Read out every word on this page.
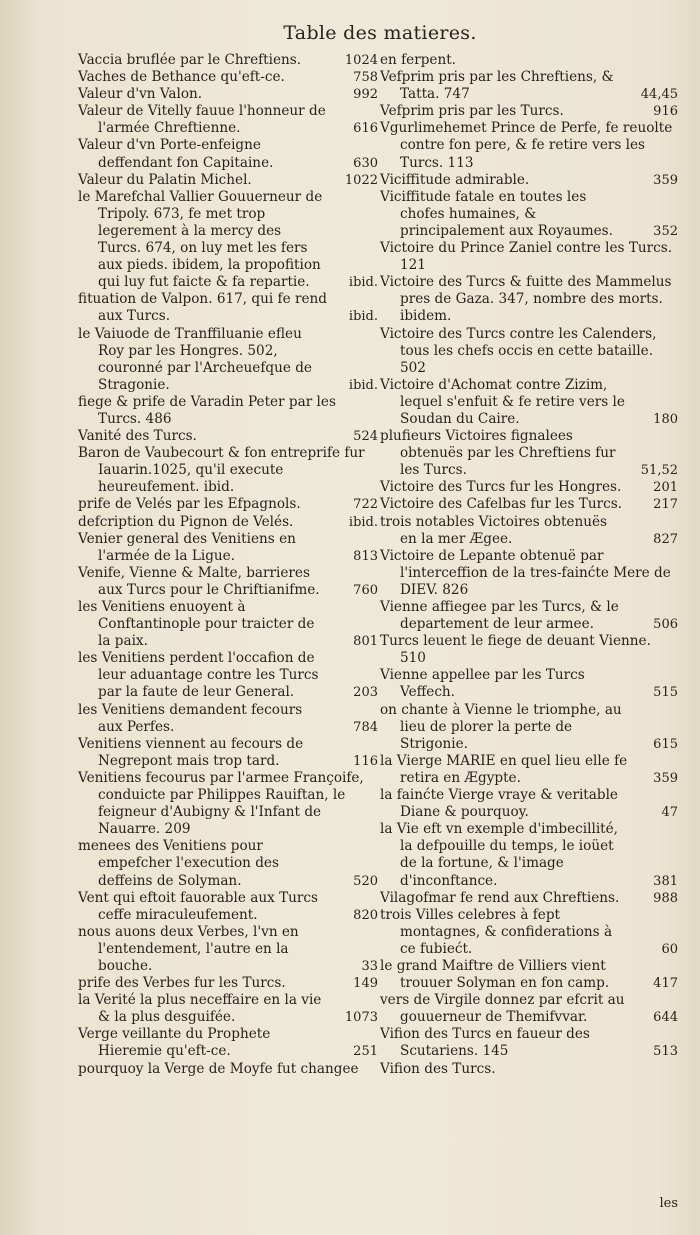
Table des matieres.
Vaccia bruflée par le Chreftiens.	1024
Vaches de Bethance qu'eft-ce.	758
Valeur d'vn Valon.	992
Valeur de Vitelly fauue l'honneur de l'armée Chreftienne.	616
Valeur d'vn Porte-enfeigne deffendant fon Capitaine.	630
Valeur du Palatin Michel.	1022
le Marefchal Vallier Gouuerneur de Tripoly. 673, fe met trop legerement à la mercy des Turcs. 674, on luy met les fers aux pieds. ibidem, la propofition qui luy fut faicte & fa repartie.	ibid.
fituation de Valpon. 617, qui fe rend aux Turcs.	ibid.
le Vaiuode de Tranffiluanie efleu Roy par les Hongres. 502, couronné par l'Archeuefque de Stragonie.	ibid.
fiege & prife de Varadin Peter par les Turcs. 486
Vanité des Turcs.	524
Baron de Vaubecourt & fon entreprife fur Iauarin.1025, qu'il execute heureufement. ibid.
prife de Velés par les Efpagnols.	722
defcription du Pignon de Velés.	ibid.
Venier general des Venitiens en l'armée de la Ligue.	813
Venife, Vienne & Malte, barrieres aux Turcs pour le Chriftianifme.	760
les Venitiens enuoyent à Conftantinople pour traicter de la paix.	801
les Venitiens perdent l'occafion de leur aduantage contre les Turcs par la faute de leur General.	203
les Venitiens demandent fecours aux Perfes.	784
Venitiens viennent au fecours de Negrepont mais trop tard.	116
Venitiens fecourus par l'armee Françoife, conduicte par Philippes Rauiftan, le feigneur d'Aubigny & l'Infant de Nauarre. 209
menees des Venitiens pour empefcher l'execution des deffeins de Solyman.	520
Vent qui eftoit fauorable aux Turcs ceffe miraculeufement.	820
nous auons deux Verbes, l'vn en l'entendement, l'autre en la bouche.	33
prife des Verbes fur les Turcs.	149
la Verité la plus neceffaire en la vie & la plus desguifée.	1073
Verge veillante du Prophete Hieremie qu'eft-ce.	251
pourquoy la Verge de Moyfe fut changee
en ferpent.
Vefprim pris par les Chreftiens, & Tatta. 747	44,45
Vefprim pris par les Turcs.	916
Vgurlimehemet Prince de Perfe, fe reuolte contre fon pere, & fe retire vers les Turcs. 113
Viciffitude admirable.	359
Viciffitude fatale en toutes les chofes humaines, & principalement aux Royaumes.	352
Victoire du Prince Zaniel contre les Turcs. 121
Victoire des Turcs & fuitte des Mammelus pres de Gaza. 347, nombre des morts. ibidem.
Victoire des Turcs contre les Calenders, tous les chefs occis en cette bataille. 502
Victoire d'Achomat contre Zizim, lequel s'enfuit & fe retire vers le Soudan du Caire.	180
plufieurs Victoires fignalees obtenuës par les Chreftiens fur les Turcs.	51,52
Victoire des Turcs fur les Hongres.	201
Victoire des Cafelbas fur les Turcs.	217
trois notables Victoires obtenuës en la mer Ægee.	827
Victoire de Lepante obtenuë par l'interceffion de la tres-fainćte Mere de DIEV. 826
Vienne affiegee par les Turcs, & le departement de leur armee.	506
Turcs leuent le fiege de deuant Vienne. 510
Vienne appellee par les Turcs Veffech.	515
on chante à Vienne le triomphe, au lieu de plorer la perte de Strigonie.	615
la Vierge MARIE en quel lieu elle fe retira en Ægypte.	359
la fainćte Vierge vraye & veritable Diane & pourquoy.	47
la Vie eft vn exemple d'imbecillité, la defpouille du temps, le ioüet de la fortune, & l'image d'inconftance.	381
Vilagofmar fe rend aux Chreftiens.	988
trois Villes celebres à fept montagnes, & confiderations à ce fubiećt.	60
le grand Maiftre de Villiers vient trouuer Solyman en fon camp.	417
vers de Virgile donnez par efcrit au gouuerneur de Themifvvar.	644
Vifion des Turcs en faueur des Scutariens. 145	513
Vifion des Turcs.
les
